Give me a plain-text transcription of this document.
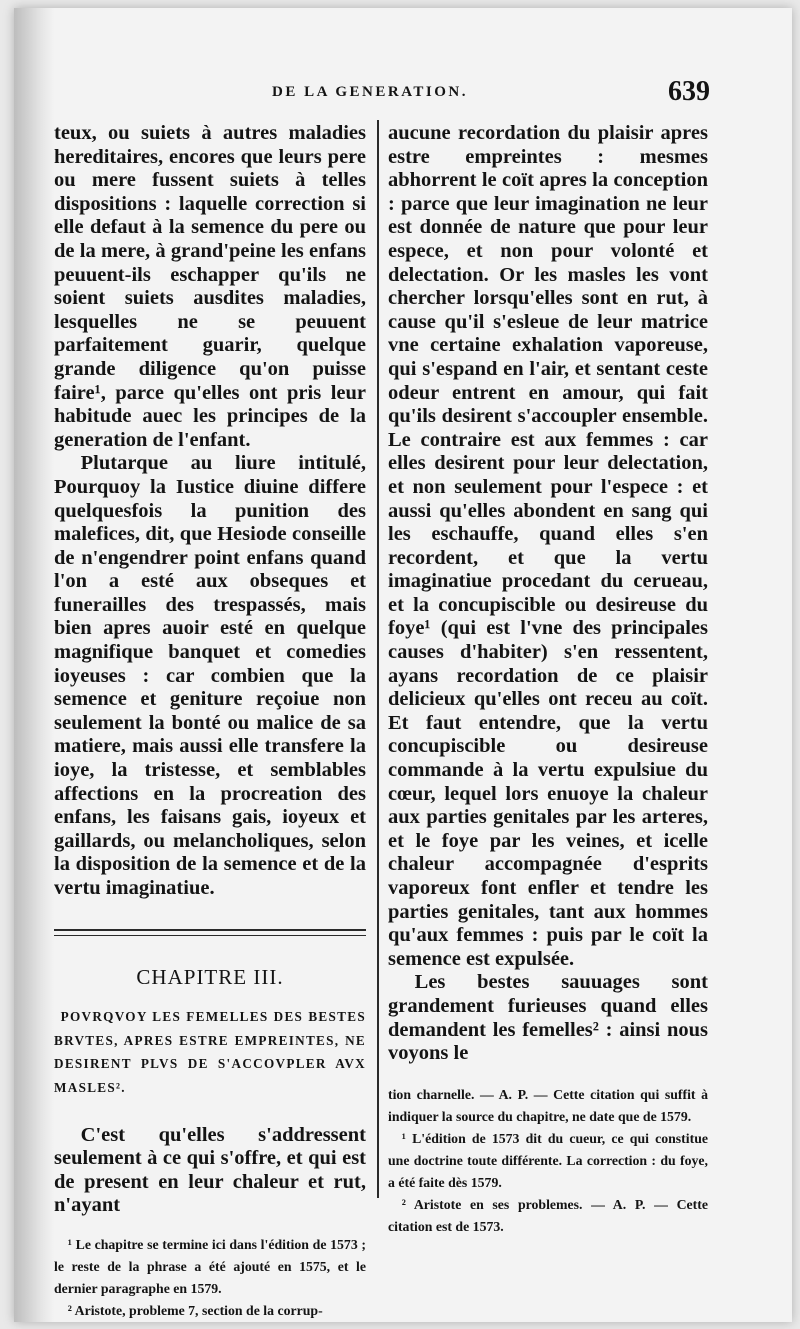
DE LA GENERATION.	639

teux, ou suiets à autres maladies hereditaires, encores que leurs pere ou mere fussent suiets à telles dispositions : laquelle correction si elle defaut à la semence du pere ou de la mere, à grand'peine les enfans peuuent-ils eschapper qu'ils ne soient suiets ausdites maladies, lesquelles ne se peuuent parfaitement guarir, quelque grande diligence qu'on puisse faire¹, parce qu'elles ont pris leur habitude auec les principes de la generation de l'enfant.

Plutarque au liure intitulé, Pourquoy la Iustice diuine differe quelquesfois la punition des malefices, dit, que Hesiode conseille de n'engendrer point enfans quand l'on a esté aux obseques et funerailles des trespassés, mais bien apres auoir esté en quelque magnifique banquet et comedies ioyeuses : car combien que la semence et geniture reçoiue non seulement la bonté ou malice de sa matiere, mais aussi elle transfere la ioye, la tristesse, et semblables affections en la procreation des enfans, les faisans gais, ioyeux et gaillards, ou melancholiques, selon la disposition de la semence et de la vertu imaginatiue.

CHAPITRE III.

POVRQVOY LES FEMELLES DES BESTES BRVTES, APRES ESTRE EMPREINTES, NE DESIRENT PLVS DE S'ACCOVPLER AVX MASLES².

C'est qu'elles s'addressent seulement à ce qui s'offre, et qui est de present en leur chaleur et rut, n'ayant

¹ Le chapitre se termine ici dans l'édition de 1573 ; le reste de la phrase a été ajouté en 1575, et le dernier paragraphe en 1579.

² Aristote, probleme 7, section de la corrup-

aucune recordation du plaisir apres estre empreintes : mesmes abhorrent le coït apres la conception : parce que leur imagination ne leur est donnée de nature que pour leur espece, et non pour volonté et delectation. Or les masles les vont chercher lorsqu'elles sont en rut, à cause qu'il s'esleue de leur matrice vne certaine exhalation vaporeuse, qui s'espand en l'air, et sentant ceste odeur entrent en amour, qui fait qu'ils desirent s'accoupler ensemble. Le contraire est aux femmes : car elles desirent pour leur delectation, et non seulement pour l'espece : et aussi qu'elles abondent en sang qui les eschauffe, quand elles s'en recordent, et que la vertu imaginatiue procedant du cerueau, et la concupiscible ou desireuse du foye¹ (qui est l'vne des principales causes d'habiter) s'en ressentent, ayans recordation de ce plaisir delicieux qu'elles ont receu au coït. Et faut entendre, que la vertu concupiscible ou desireuse commande à la vertu expulsiue du cœur, lequel lors enuoye la chaleur aux parties genitales par les arteres, et le foye par les veines, et icelle chaleur accompagnée d'esprits vaporeux font enfler et tendre les parties genitales, tant aux hommes qu'aux femmes : puis par le coït la semence est expulsée.

Les bestes sauuages sont grandement furieuses quand elles demandent les femelles² : ainsi nous voyons le

tion charnelle. — A. P. — Cette citation qui suffit à indiquer la source du chapitre, ne date que de 1579.

¹ L'édition de 1573 dit du cueur, ce qui constitue une doctrine toute différente. La correction : du foye, a été faite dès 1579.

² Aristote en ses problemes. — A. P. — Cette citation est de 1573.
